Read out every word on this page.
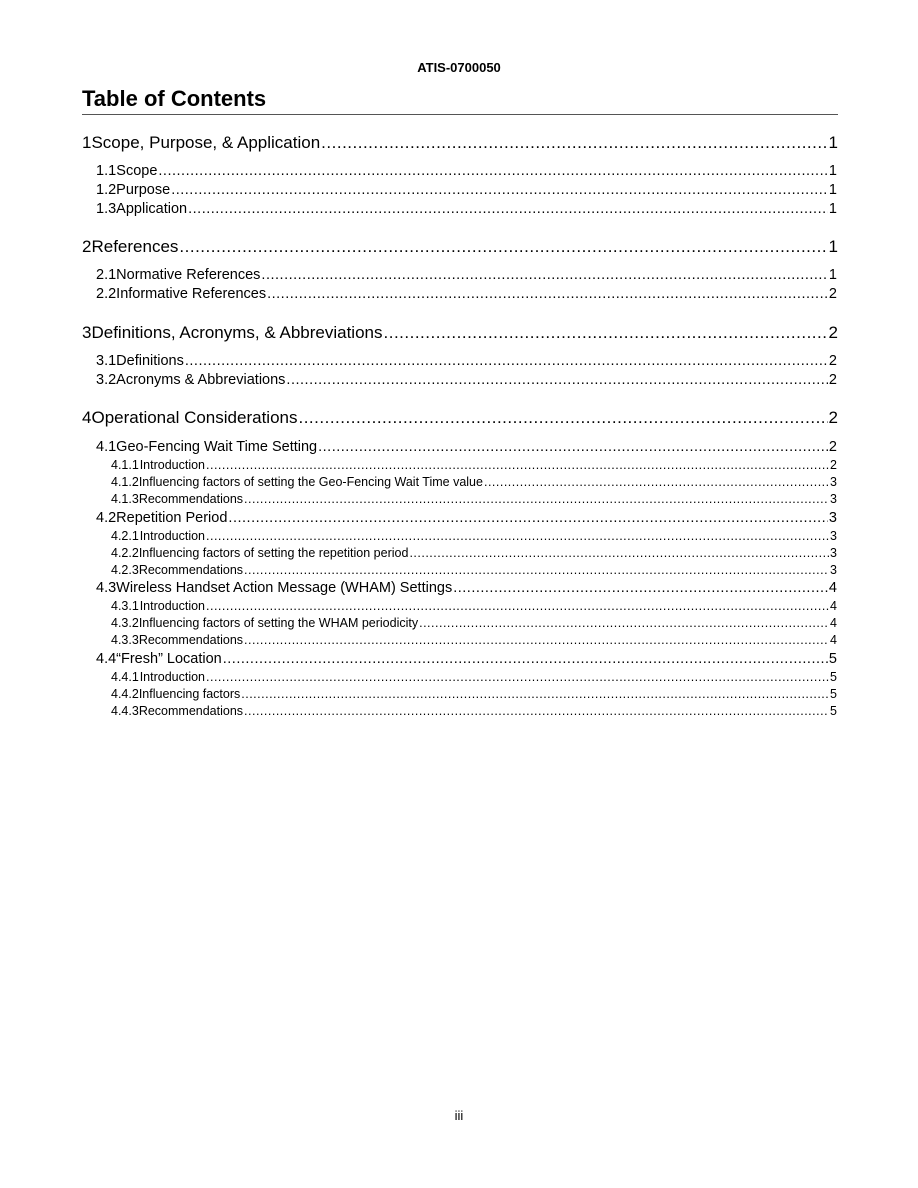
ATIS-0700050
Table of Contents
1 Scope, Purpose, & Application .....	1
1.1 Scope .....	1
1.2 Purpose .....	1
1.3 Application .....	1
2 References .....	1
2.1 Normative References .....	1
2.2 Informative References .....	2
3 Definitions, Acronyms, & Abbreviations .....	2
3.1 Definitions .....	2
3.2 Acronyms & Abbreviations .....	2
4 Operational Considerations .....	2
4.1 Geo-Fencing Wait Time Setting .....	2
4.1.1 Introduction .....	2
4.1.2 Influencing factors of setting the Geo-Fencing Wait Time value .....	3
4.1.3 Recommendations .....	3
4.2 Repetition Period .....	3
4.2.1 Introduction .....	3
4.2.2 Influencing factors of setting the repetition period .....	3
4.2.3 Recommendations .....	3
4.3 Wireless Handset Action Message (WHAM) Settings .....	4
4.3.1 Introduction .....	4
4.3.2 Influencing factors of setting the WHAM periodicity .....	4
4.3.3 Recommendations .....	4
4.4 “Fresh” Location .....	5
4.4.1 Introduction .....	5
4.4.2 Influencing factors .....	5
4.4.3 Recommendations .....	5
iii
